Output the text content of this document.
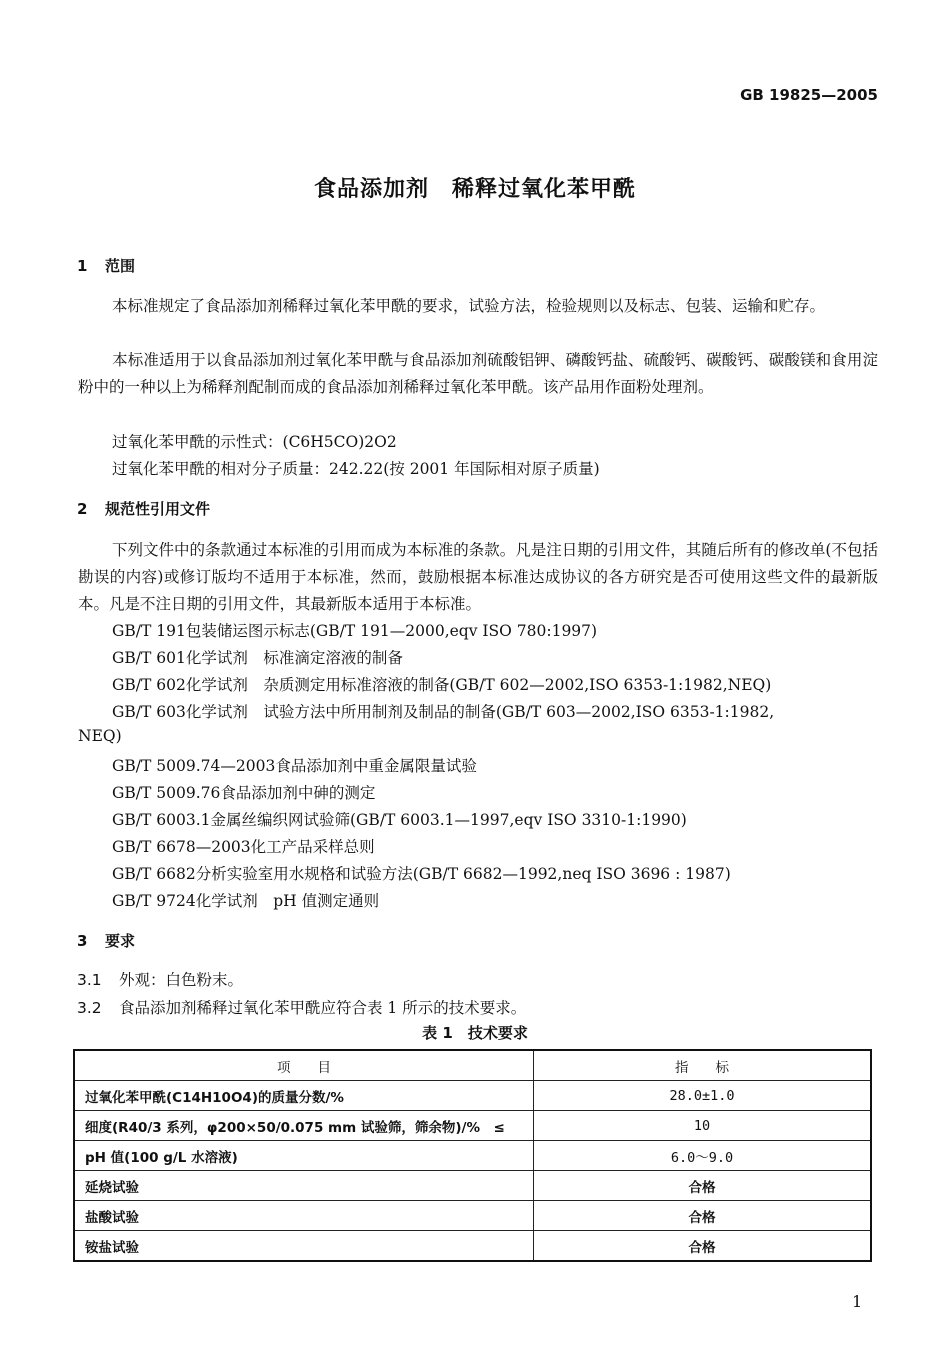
GB 19825—2005
食品添加剂　稀释过氧化苯甲酰
1 范围
本标准规定了食品添加剂稀释过氧化苯甲酰的要求，试验方法，检验规则以及标志、包装、运输和贮存。
本标准适用于以食品添加剂过氧化苯甲酰与食品添加剂硫酸铝钾、磷酸钙盐、硫酸钙、碳酸钙、碳酸镁和食用淀粉中的一种以上为稀释剂配制而成的食品添加剂稀释过氧化苯甲酰。该产品用作面粉处理剂。
过氧化苯甲酰的示性式：(C6H5CO)2O2
过氧化苯甲酰的相对分子质量：242.22(按 2001 年国际相对原子质量)
2 规范性引用文件
下列文件中的条款通过本标准的引用而成为本标准的条款。凡是注日期的引用文件，其随后所有的修改单(不包括勘误的内容)或修订版均不适用于本标准，然而，鼓励根据本标准达成协议的各方研究是否可使用这些文件的最新版本。凡是不注日期的引用文件，其最新版本适用于本标准。
GB/T 191包装储运图示标志(GB/T 191—2000,eqv ISO 780:1997)
GB/T 601化学试剂　标准滴定溶液的制备
GB/T 602化学试剂　杂质测定用标准溶液的制备(GB/T 602—2002,ISO 6353-1:1982,NEQ)
GB/T 603化学试剂　试验方法中所用制剂及制品的制备(GB/T 603—2002,ISO 6353-1:1982,
NEQ)
GB/T 5009.74—2003食品添加剂中重金属限量试验
GB/T 5009.76食品添加剂中砷的测定
GB/T 6003.1金属丝编织网试验筛(GB/T 6003.1—1997,eqv ISO 3310-1:1990)
GB/T 6678—2003化工产品采样总则
GB/T 6682分析实验室用水规格和试验方法(GB/T 6682—1992,neq ISO 3696 : 1987)
GB/T 9724化学试剂　pH 值测定通则
3 要求
3.1 外观：白色粉末。
3.2 食品添加剂稀释过氧化苯甲酰应符合表 1 所示的技术要求。
表 1　技术要求
项　　目	指　　标
过氧化苯甲酰(C14H10O4)的质量分数/%	28.0±1.0
细度(R40/3 系列，φ200×50/0.075 mm 试验筛，筛余物)/%　≤	10
pH 值(100 g/L 水溶液)	6.0～9.0
延烧试验	合格
盐酸试验	合格
铵盐试验	合格
1
